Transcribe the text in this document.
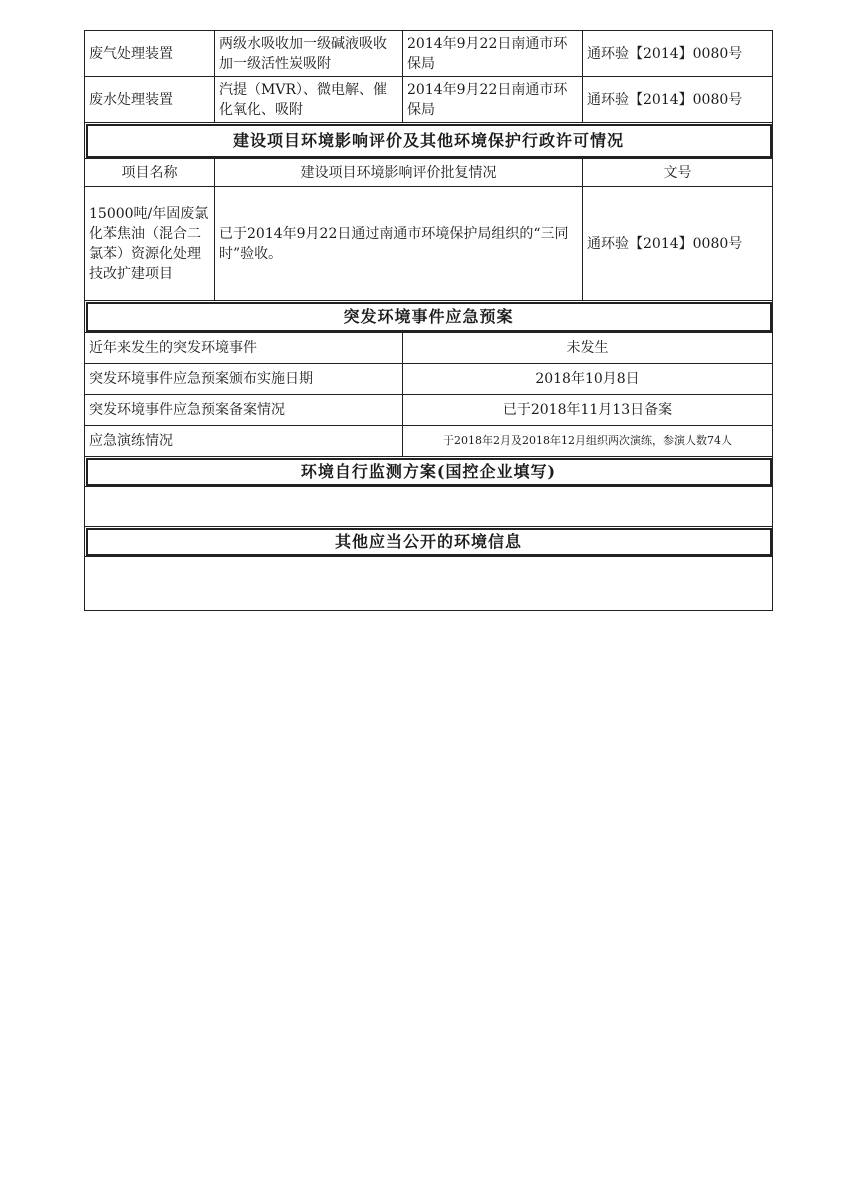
废气处理装置	两级水吸收加一级碱液吸收加一级活性炭吸附	2014年9月22日南通市环保局	通环验【2014】0080号
废水处理装置	汽提（MVR）、微电解、催化氧化、吸附	2014年9月22日南通市环保局	通环验【2014】0080号
建设项目环境影响评价及其他环境保护行政许可情况			
项目名称	建设项目环境影响评价批复情况		文号
15000吨/年固废氯化苯焦油（混合二氯苯）资源化处理技改扩建项目	已于2014年9月22日通过南通市环境保护局组织的“三同时”验收。		通环验【2014】0080号
突发环境事件应急预案			
近年来发生的突发环境事件		未发生	
突发环境事件应急预案颁布实施日期		2018年10月8日	
突发环境事件应急预案备案情况		已于2018年11月13日备案	
应急演练情况		于2018年2月及2018年12月组织两次演练，参演人数74人	
环境自行监测方案(国控企业填写)			

其他应当公开的环境信息			
